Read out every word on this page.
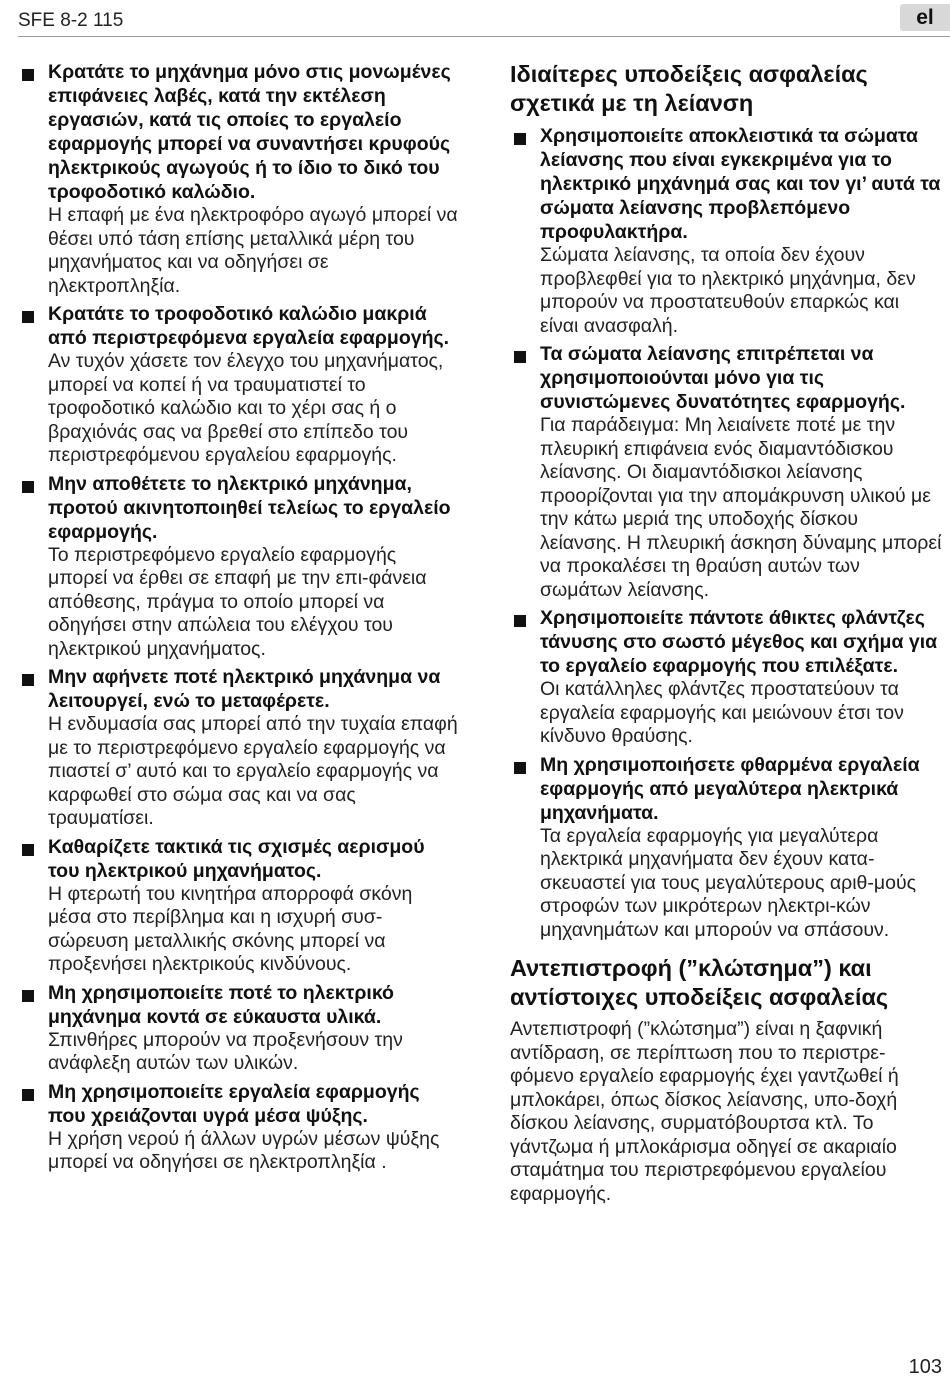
SFE 8-2 115	el
Κρατάτε το μηχάνημα μόνο στις μονωμένες επιφάνειες λαβές, κατά την εκτέλεση εργασιών, κατά τις οποίες το εργαλείο εφαρμογής μπορεί να συναντήσει κρυφούς ηλεκτρικούς αγωγούς ή το ίδιο το δικό του τροφοδοτικό καλώδιο.
Η επαφή με ένα ηλεκτροφόρο αγωγό μπορεί να θέσει υπό τάση επίσης μεταλλικά μέρη του μηχανήματος και να οδηγήσει σε ηλεκτροπληξία.
Κρατάτε το τροφοδοτικό καλώδιο μακριά από περιστρεφόμενα εργαλεία εφαρμογής.
Αν τυχόν χάσετε τον έλεγχο του μηχανήματος, μπορεί να κοπεί ή να τραυματιστεί το τροφοδοτικό καλώδιο και το χέρι σας ή ο βραχιόνάς σας να βρεθεί στο επίπεδο του περιστρεφόμενου εργαλείου εφαρμογής.
Μην αποθέτετε το ηλεκτρικό μηχάνημα, προτού ακινητοποιηθεί τελείως το εργαλείο εφαρμογής.
Το περιστρεφόμενο εργαλείο εφαρμογής μπορεί να έρθει σε επαφή με την επι-φάνεια απόθεσης, πράγμα το οποίο μπορεί να οδηγήσει στην απώλεια του ελέγχου του ηλεκτρικού μηχανήματος.
Μην αφήνετε ποτέ ηλεκτρικό μηχάνημα να λειτουργεί, ενώ το μεταφέρετε.
Η ενδυμασία σας μπορεί από την τυχαία επαφή με το περιστρεφόμενο εργαλείο εφαρμογής να πιαστεί σ’ αυτό και το εργαλείο εφαρμογής να καρφωθεί στο σώμα σας και να σας τραυματίσει.
Καθαρίζετε τακτικά τις σχισμές αερισμού του ηλεκτρικού μηχανήματος.
Η φτερωτή του κινητήρα απορροφά σκόνη μέσα στο περίβλημα και η ισχυρή συσ-σώρευση μεταλλικής σκόνης μπορεί να προξενήσει ηλεκτρικούς κινδύνους.
Μη χρησιμοποιείτε ποτέ το ηλεκτρικό μηχάνημα κοντά σε εύκαυστα υλικά.
Σπινθήρες μπορούν να προξενήσουν την ανάφλεξη αυτών των υλικών.
Μη χρησιμοποιείτε εργαλεία εφαρμογής που χρειάζονται υγρά μέσα ψύξης.
Η χρήση νερού ή άλλων υγρών μέσων ψύξης μπορεί να οδηγήσει σε ηλεκτροπληξία .
Ιδιαίτερες υποδείξεις ασφαλείας σχετικά με τη λείανση
Χρησιμοποιείτε αποκλειστικά τα σώματα λείανσης που είναι εγκεκριμένα για το ηλεκτρικό μηχάνημά σας και τον γι’ αυτά τα σώματα λείανσης προβλεπόμενο προφυλακτήρα.
Σώματα λείανσης, τα οποία δεν έχουν προβλεφθεί για το ηλεκτρικό μηχάνημα, δεν μπορούν να προστατευθούν επαρκώς και είναι ανασφαλή.
Τα σώματα λείανσης επιτρέπεται να χρησιμοποιούνται μόνο για τις συνιστώμενες δυνατότητες εφαρμογής.
Για παράδειγμα: Μη λειαίνετε ποτέ με την πλευρική επιφάνεια ενός διαμαντόδισκου λείανσης. Οι διαμαντόδισκοι λείανσης προορίζονται για την απομάκρυνση υλικού με την κάτω μεριά της υποδοχής δίσκου λείανσης. Η πλευρική άσκηση δύναμης μπορεί να προκαλέσει τη θραύση αυτών των σωμάτων λείανσης.
Χρησιμοποιείτε πάντοτε άθικτες φλάντζες τάνυσης στο σωστό μέγεθος και σχήμα για το εργαλείο εφαρμογής που επιλέξατε.
Οι κατάλληλες φλάντζες προστατεύουν τα εργαλεία εφαρμογής και μειώνουν έτσι τον κίνδυνο θραύσης.
Μη χρησιμοποιήσετε φθαρμένα εργαλεία εφαρμογής από μεγαλύτερα ηλεκτρικά μηχανήματα.
Τα εργαλεία εφαρμογής για μεγαλύτερα ηλεκτρικά μηχανήματα δεν έχουν κατα-σκευαστεί για τους μεγαλύτερους αριθ-μούς στροφών των μικρότερων ηλεκτρι-κών μηχανημάτων και μπορούν να σπάσουν.
Αντεπιστροφή (”κλώτσημα”) και αντίστοιχες υποδείξεις ασφαλείας
Αντεπιστροφή (”κλώτσημα”) είναι η ξαφνική αντίδραση, σε περίπτωση που το περιστρε-φόμενο εργαλείο εφαρμογής έχει γαντζωθεί ή μπλοκάρει, όπως δίσκος λείανσης, υπο-δοχή δίσκου λείανσης, συρματόβουρτσα κτλ. Το γάντζωμα ή μπλοκάρισμα οδηγεί σε ακαριαίο σταμάτημα του περιστρεφόμενου εργαλείου εφαρμογής.
103
